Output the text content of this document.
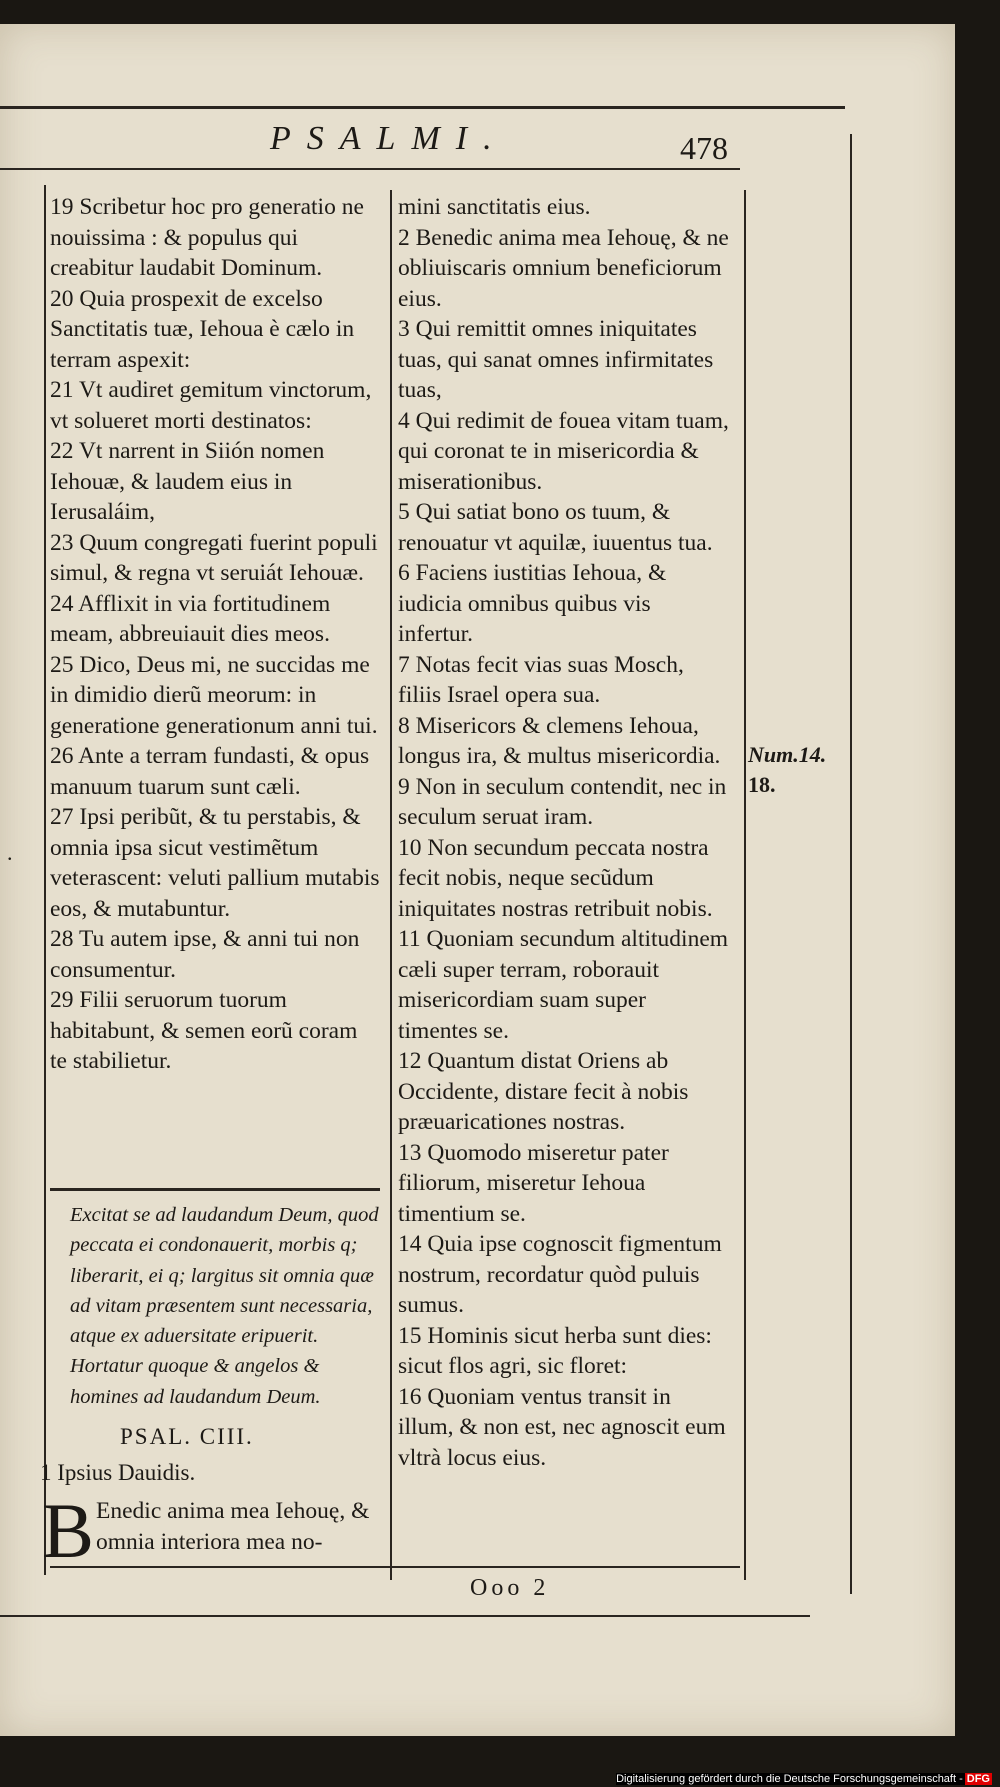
PSALMI.	478
.

19 Scribetur hoc pro generatio ne nouissima : & populus qui creabitur laudabit Dominum.

20 Quia prospexit de excelso Sanctitatis tuæ, Iehoua è cælo in terram aspexit:

21 Vt audiret gemitum vinctorum, vt solueret morti destinatos:

22 Vt narrent in Siión nomen Iehouæ, & laudem eius in Ierusaláim,

23 Quum congregati fuerint populi simul, & regna vt seruiát Iehouæ.

24 Afflixit in via fortitudinem meam, abbreuiauit dies meos.

25 Dico, Deus mi, ne succidas me in dimidio dierũ meorum: in generatione generationum anni tui.

26 Ante a terram fundasti, & opus manuum tuarum sunt cæli.

27 Ipsi peribũt, & tu perstabis, & omnia ipsa sicut vestimẽtum veterascent: veluti pallium mutabis eos, & mutabuntur.

28 Tu autem ipse, & anni tui non consumentur.

29 Filii seruorum tuorum habitabunt, & semen eorũ coram te stabilietur.

Excitat se ad laudandum Deum, quod peccata ei condonauerit, morbis q; liberarit, ei q; largitus sit omnia quæ ad vitam præsentem sunt necessaria, atque ex aduersitate eripuerit. Hortatur quoque & angelos & homines ad laudandum Deum.
PSAL. CIII.
1 Ipsius Dauidis.
B Enedic anima mea Iehouę, & omnia interiora mea no-

mini sanctitatis eius.

2 Benedic anima mea Iehouę, & ne obliuiscaris omnium beneficiorum eius.

3 Qui remittit omnes iniquitates tuas, qui sanat omnes infirmitates tuas,

4 Qui redimit de fouea vitam tuam, qui coronat te in misericordia & miserationibus.

5 Qui satiat bono os tuum, & renouatur vt aquilæ, iuuentus tua.

6 Faciens iustitias Iehoua, & iudicia omnibus quibus vis infertur.

7 Notas fecit vias suas Mosch, filiis Israel opera sua.

8 Misericors & clemens Iehoua, longus ira, & multus misericordia.

9 Non in seculum contendit, nec in seculum seruat iram.

10 Non secundum peccata nostra fecit nobis, neque secũdum iniquitates nostras retribuit nobis.

11 Quoniam secundum altitudinem cæli super terram, roborauit misericordiam suam super timentes se.

12 Quantum distat Oriens ab Occidente, distare fecit à nobis præuaricationes nostras.

13 Quomodo miseretur pater filiorum, miseretur Iehoua timentium se.

14 Quia ipse cognoscit figmentum nostrum, recordatur quòd puluis sumus.

15 Hominis sicut herba sunt dies: sicut flos agri, sic floret:

16 Quoniam ventus transit in illum, & non est, nec agnoscit eum vltrà locus eius.

Num.14.
18.
Ooo 2
Digitalisierung gefördert durch die Deutsche Forschungsgemeinschaft - DFG
